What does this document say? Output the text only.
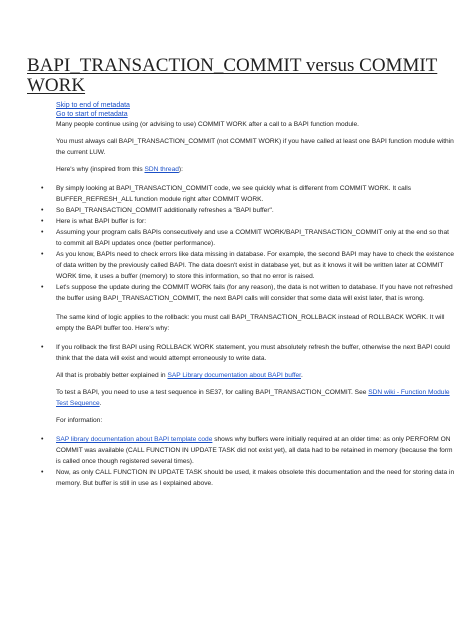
BAPI_TRANSACTION_COMMIT versus COMMIT WORK
Skip to end of metadata
Go to start of metadata

Many people continue using (or advising to use) COMMIT WORK after a call to a BAPI function module.

You must always call BAPI_TRANSACTION_COMMIT (not COMMIT WORK) if you have called at least one BAPI function module within the current LUW.

Here's why (inspired from this SDN thread):

• By simply looking at BAPI_TRANSACTION_COMMIT code, we see quickly what is different from COMMIT WORK. It calls BUFFER_REFRESH_ALL function module right after COMMIT WORK.
• So BAPI_TRANSACTION_COMMIT additionally refreshes a "BAPI buffer".
• Here is what BAPI buffer is for:
• Assuming your program calls BAPIs consecutively and use a COMMIT WORK/BAPI_TRANSACTION_COMMIT only at the end so that to commit all BAPI updates once (better performance).
• As you know, BAPIs need to check errors like data missing in database. For example, the second BAPI may have to check the existence of data written by the previously called BAPI. The data doesn't exist in database yet, but as it knows it will be written later at COMMIT WORK time, it uses a buffer (memory) to store this information, so that no error is raised.
• Let's suppose the update during the COMMIT WORK fails (for any reason), the data is not written to database. If you have not refreshed the buffer using BAPI_TRANSACTION_COMMIT, the next BAPI calls will consider that some data will exist later, that is wrong.

The same kind of logic applies to the rollback: you must call BAPI_TRANSACTION_ROLLBACK instead of ROLLBACK WORK. It will empty the BAPI buffer too. Here's why:

• If you rollback the first BAPI using ROLLBACK WORK statement, you must absolutely refresh the buffer, otherwise the next BAPI could think that the data will exist and would attempt erroneously to write data.

All that is probably better explained in SAP Library documentation about BAPI buffer.

To test a BAPI, you need to use a test sequence in SE37, for calling BAPI_TRANSACTION_COMMIT. See SDN wiki - Function Module Test Sequence.

For information:

• SAP library documentation about BAPI template code shows why buffers were initially required at an older time: as only PERFORM ON COMMIT was available (CALL FUNCTION IN UPDATE TASK did not exist yet), all data had to be retained in memory (because the form is called once though registered several times).
• Now, as only CALL FUNCTION IN UPDATE TASK should be used, it makes obsolete this documentation and the need for storing data in memory. But buffer is still in use as I explained above.
